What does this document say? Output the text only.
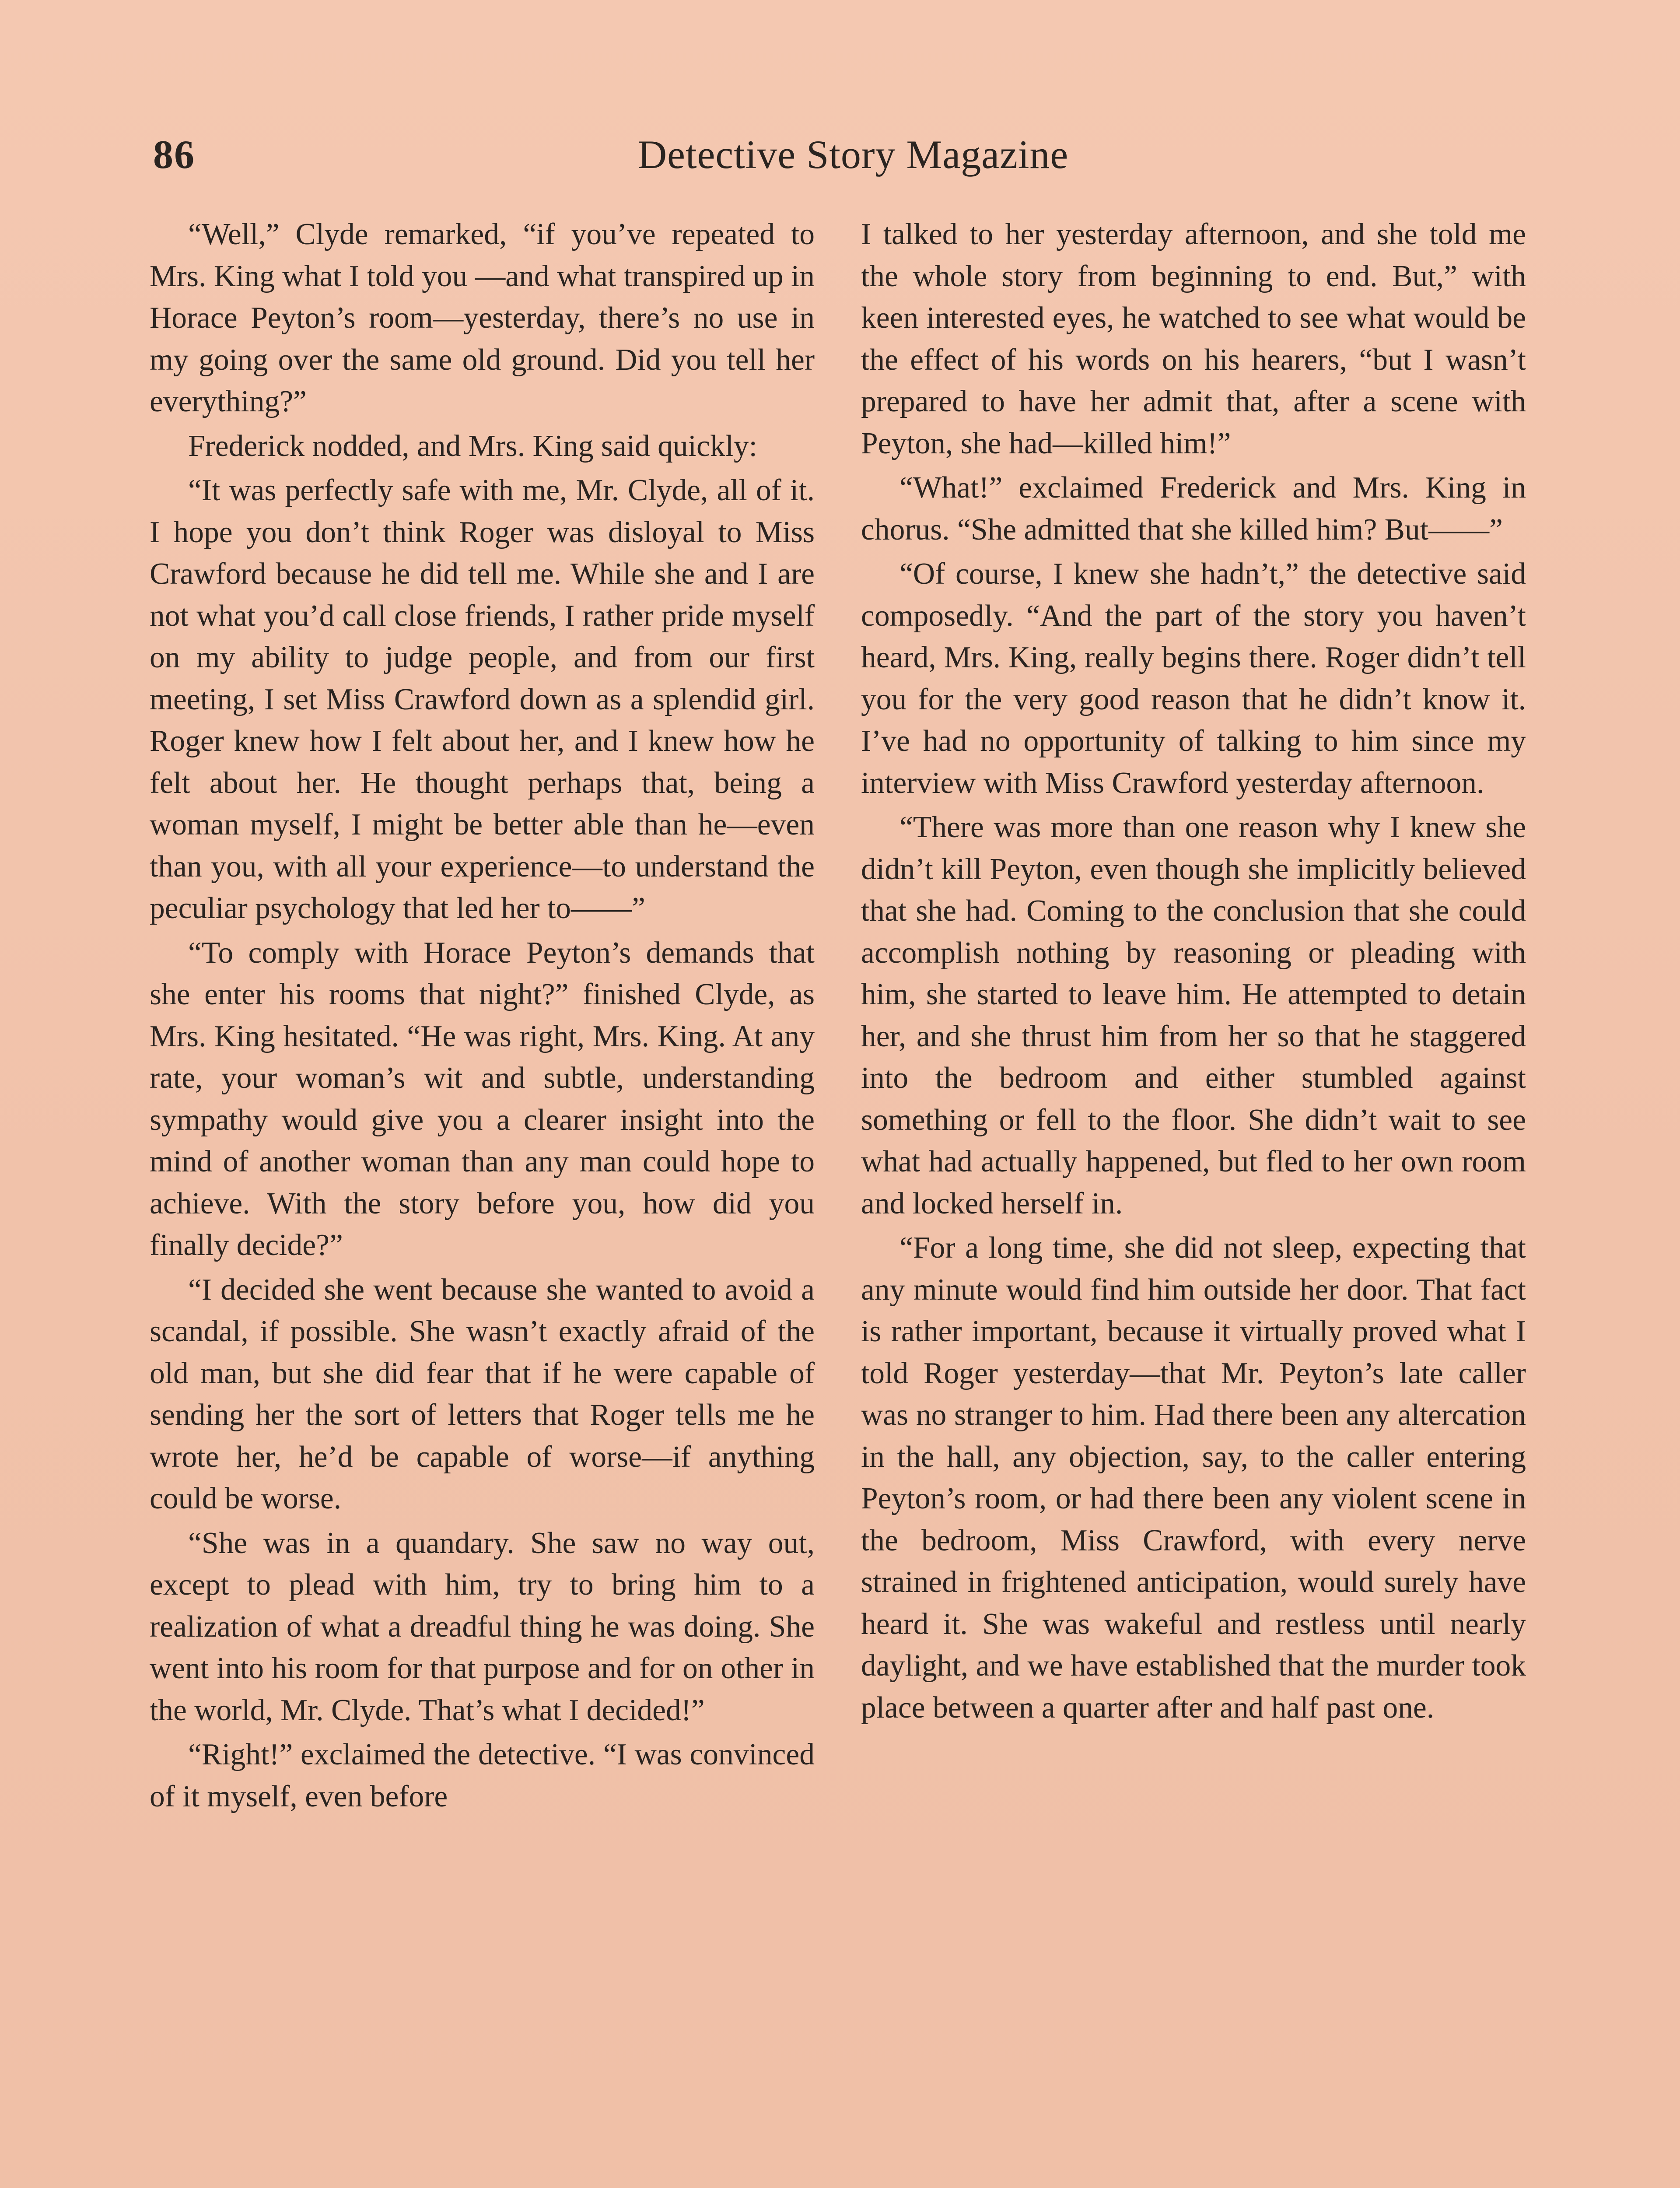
86	Detective Story Magazine

“Well,” Clyde remarked, “if you’ve repeated to Mrs. King what I told you —and what transpired up in Horace Peyton’s room—yesterday, there’s no use in my going over the same old ground. Did you tell her everything?”

Frederick nodded, and Mrs. King said quickly:

“It was perfectly safe with me, Mr. Clyde, all of it. I hope you don’t think Roger was disloyal to Miss Crawford because he did tell me. While she and I are not what you’d call close friends, I rather pride myself on my ability to judge people, and from our first meeting, I set Miss Crawford down as a splendid girl. Roger knew how I felt about her, and I knew how he felt about her. He thought perhaps that, being a woman myself, I might be better able than he—even than you, with all your experience—to understand the peculiar psychology that led her to——”

“To comply with Horace Peyton’s demands that she enter his rooms that night?” finished Clyde, as Mrs. King hesitated. “He was right, Mrs. King. At any rate, your woman’s wit and subtle, understanding sympathy would give you a clearer insight into the mind of another woman than any man could hope to achieve. With the story before you, how did you finally decide?”

“I decided she went because she wanted to avoid a scandal, if possible. She wasn’t exactly afraid of the old man, but she did fear that if he were capable of sending her the sort of letters that Roger tells me he wrote her, he’d be capable of worse—if anything could be worse.

“She was in a quandary. She saw no way out, except to plead with him, try to bring him to a realization of what a dreadful thing he was doing. She went into his room for that purpose and for on other in the world, Mr. Clyde. That’s what I decided!”

“Right!” exclaimed the detective. “I was convinced of it myself, even before

I talked to her yesterday afternoon, and she told me the whole story from beginning to end. But,” with keen interested eyes, he watched to see what would be the effect of his words on his hearers, “but I wasn’t prepared to have her admit that, after a scene with Peyton, she had—killed him!”

“What!” exclaimed Frederick and Mrs. King in chorus. “She admitted that she killed him? But——”

“Of course, I knew she hadn’t,” the detective said composedly. “And the part of the story you haven’t heard, Mrs. King, really begins there. Roger didn’t tell you for the very good reason that he didn’t know it. I’ve had no opportunity of talking to him since my interview with Miss Crawford yesterday afternoon.

“There was more than one reason why I knew she didn’t kill Peyton, even though she implicitly believed that she had. Coming to the conclusion that she could accomplish nothing by reasoning or pleading with him, she started to leave him. He attempted to detain her, and she thrust him from her so that he staggered into the bedroom and either stumbled against something or fell to the floor. She didn’t wait to see what had actually happened, but fled to her own room and locked herself in.

“For a long time, she did not sleep, expecting that any minute would find him outside her door. That fact is rather important, because it virtually proved what I told Roger yesterday—that Mr. Peyton’s late caller was no stranger to him. Had there been any altercation in the hall, any objection, say, to the caller entering Peyton’s room, or had there been any violent scene in the bedroom, Miss Crawford, with every nerve strained in frightened anticipation, would surely have heard it. She was wakeful and restless until nearly daylight, and we have established that the murder took place between a quarter after and half past one.
